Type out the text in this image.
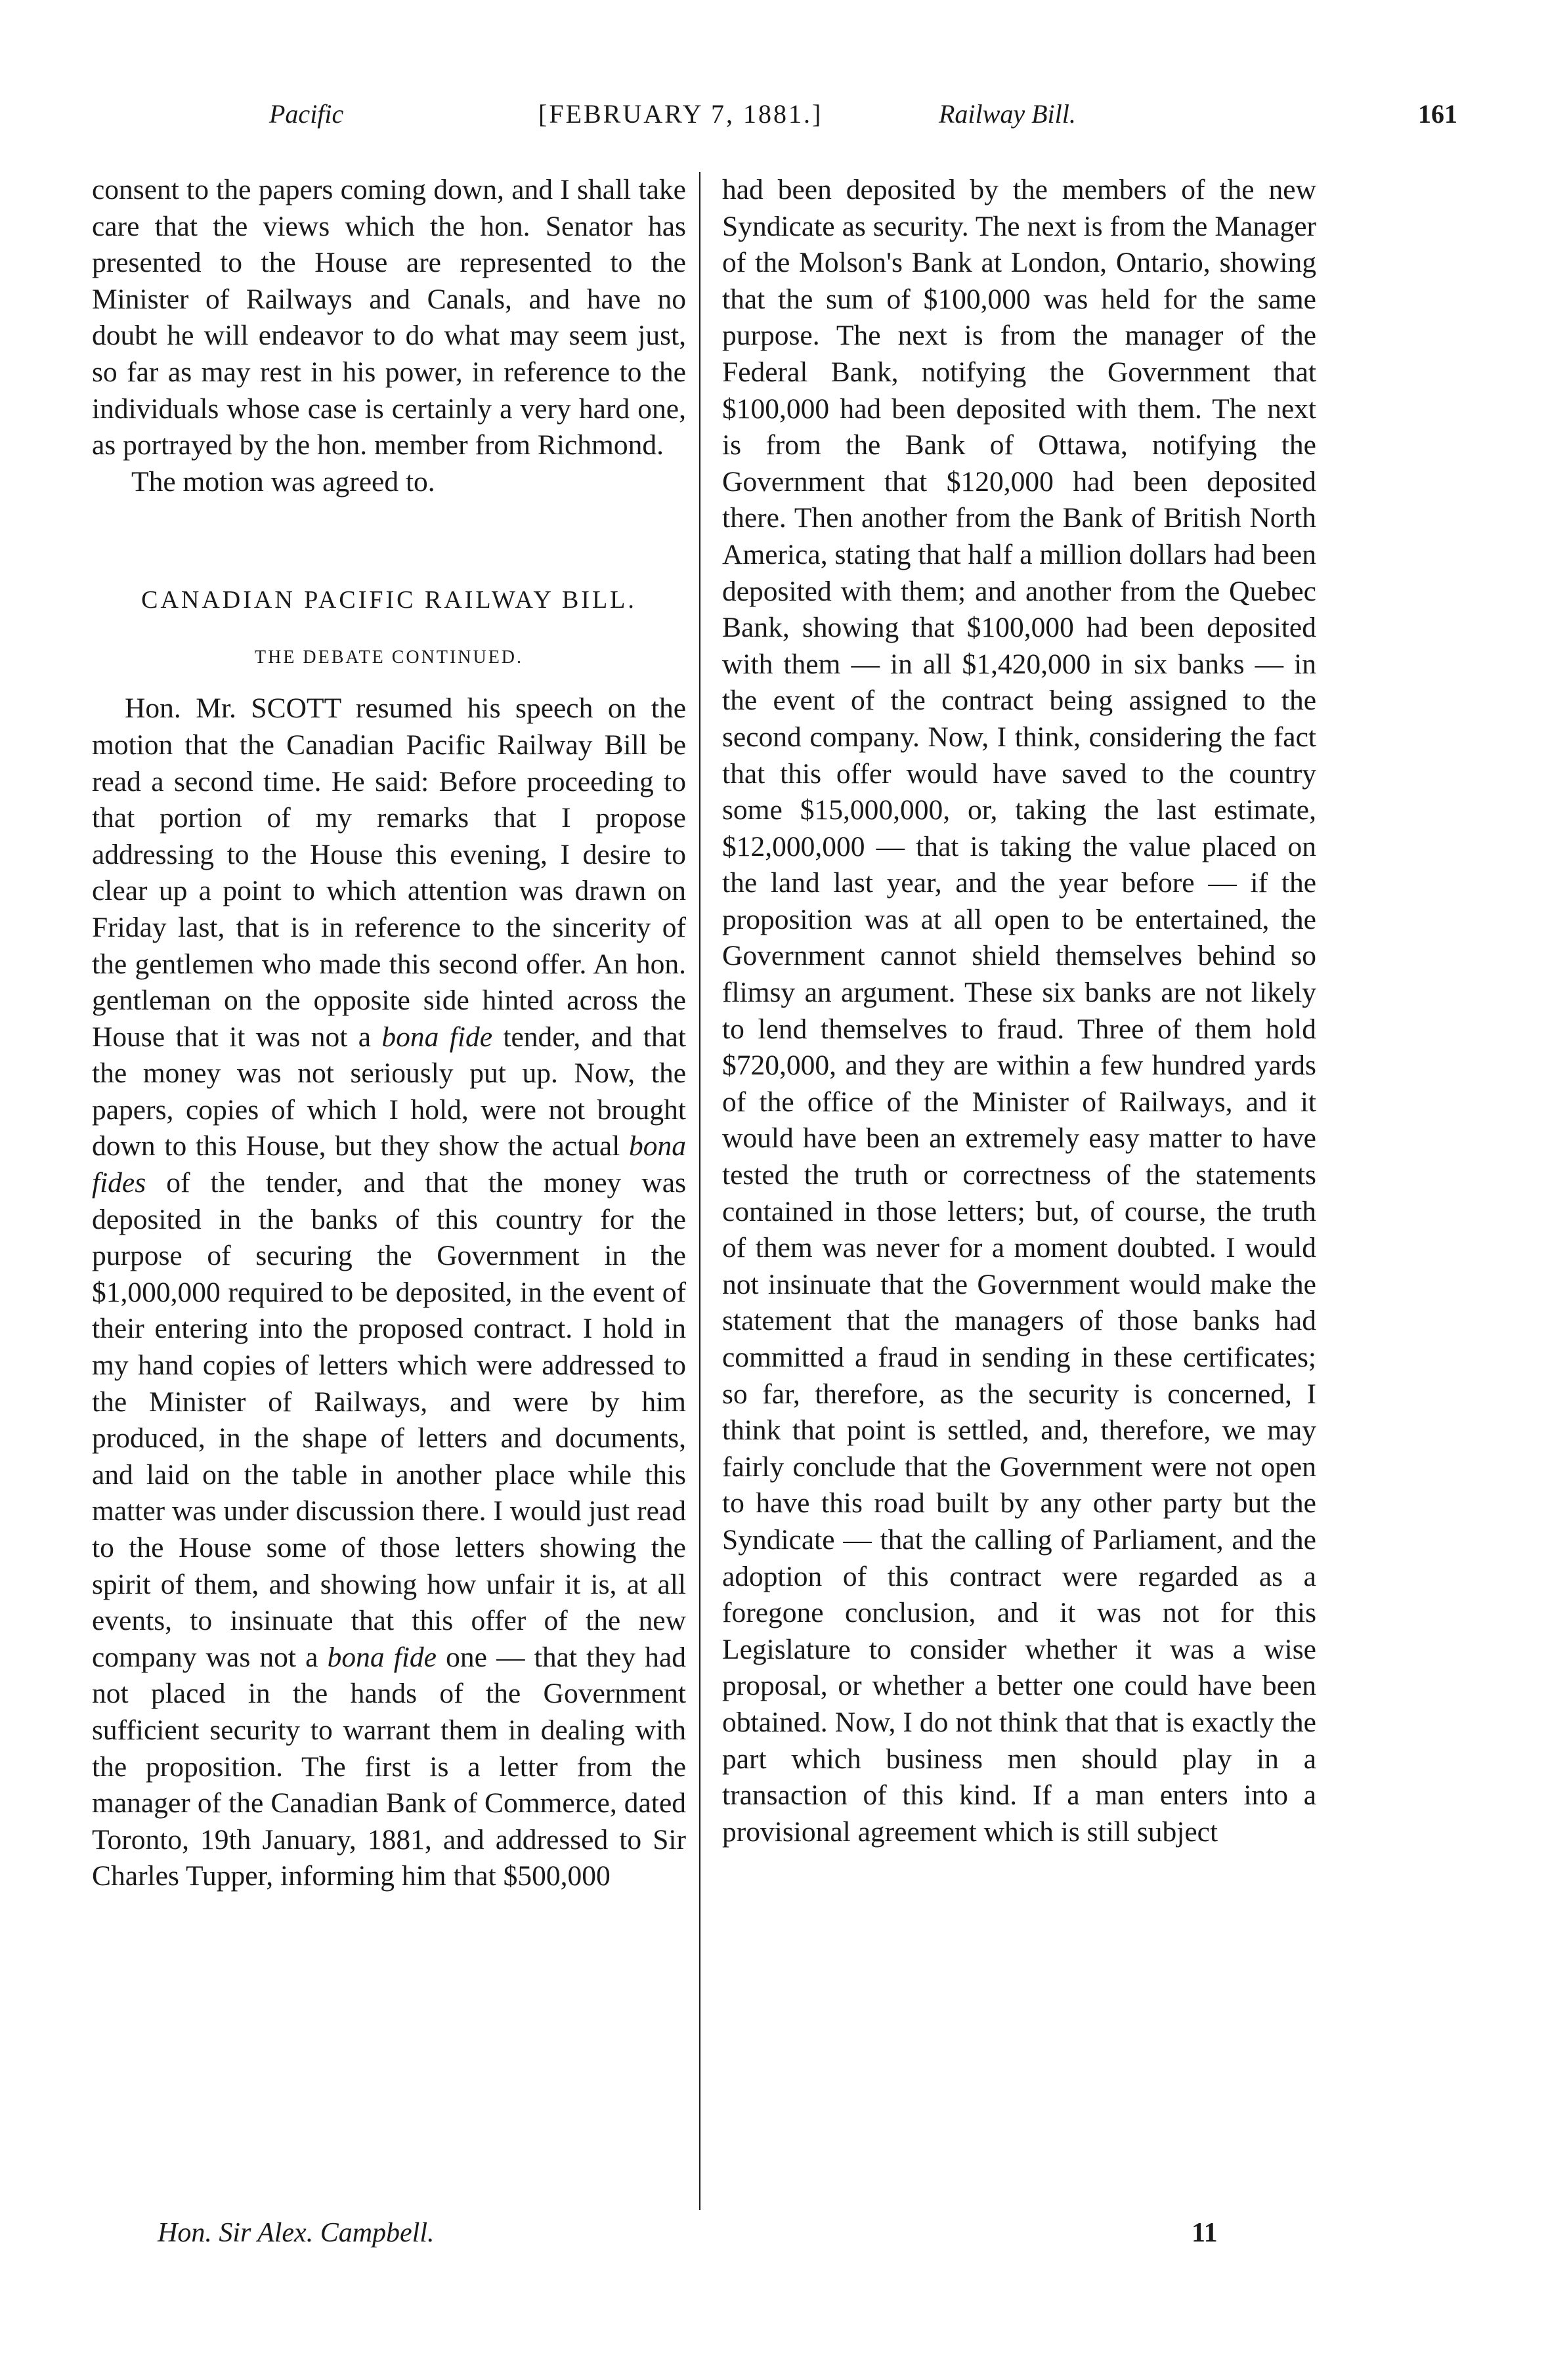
Pacific	[FEBRUARY 7, 1881.]	Railway Bill.	161

consent to the papers coming down, and I shall take care that the views which the hon. Senator has presented to the House are represented to the Minister of Railways and Canals, and have no doubt he will endeavor to do what may seem just, so far as may rest in his power, in reference to the individuals whose case is certainly a very hard one, as portrayed by the hon. member from Richmond.

The motion was agreed to.

CANADIAN PACIFIC RAILWAY BILL.
THE DEBATE CONTINUED.

Hon. Mr. SCOTT resumed his speech on the motion that the Canadian Pacific Railway Bill be read a second time. He said: Before proceeding to that portion of my remarks that I propose addressing to the House this evening, I desire to clear up a point to which attention was drawn on Friday last, that is in reference to the sincerity of the gentlemen who made this second offer. An hon. gentleman on the opposite side hinted across the House that it was not a bona fide tender, and that the money was not seriously put up. Now, the papers, copies of which I hold, were not brought down to this House, but they show the actual bona fides of the tender, and that the money was deposited in the banks of this country for the purpose of securing the Government in the $1,000,000 required to be deposited, in the event of their entering into the proposed contract. I hold in my hand copies of letters which were addressed to the Minister of Railways, and were by him produced, in the shape of letters and documents, and laid on the table in another place while this matter was under discussion there. I would just read to the House some of those letters showing the spirit of them, and showing how unfair it is, at all events, to insinuate that this offer of the new company was not a bona fide one — that they had not placed in the hands of the Government sufficient security to warrant them in dealing with the proposition. The first is a letter from the manager of the Canadian Bank of Commerce, dated Toronto, 19th January, 1881, and addressed to Sir Charles Tupper, informing him that $500,000

had been deposited by the members of the new Syndicate as security. The next is from the Manager of the Molson's Bank at London, Ontario, showing that the sum of $100,000 was held for the same purpose. The next is from the manager of the Federal Bank, notifying the Government that $100,000 had been deposited with them. The next is from the Bank of Ottawa, notifying the Government that $120,000 had been deposited there. Then another from the Bank of British North America, stating that half a million dollars had been deposited with them; and another from the Quebec Bank, showing that $100,000 had been deposited with them — in all $1,420,000 in six banks — in the event of the contract being assigned to the second company. Now, I think, considering the fact that this offer would have saved to the country some $15,000,000, or, taking the last estimate, $12,000,000 — that is taking the value placed on the land last year, and the year before — if the proposition was at all open to be entertained, the Government cannot shield themselves behind so flimsy an argument. These six banks are not likely to lend themselves to fraud. Three of them hold $720,000, and they are within a few hundred yards of the office of the Minister of Railways, and it would have been an extremely easy matter to have tested the truth or correctness of the statements contained in those letters; but, of course, the truth of them was never for a moment doubted. I would not insinuate that the Government would make the statement that the managers of those banks had committed a fraud in sending in these certificates; so far, therefore, as the security is concerned, I think that point is settled, and, therefore, we may fairly conclude that the Government were not open to have this road built by any other party but the Syndicate — that the calling of Parliament, and the adoption of this contract were regarded as a foregone conclusion, and it was not for this Legislature to consider whether it was a wise proposal, or whether a better one could have been obtained. Now, I do not think that that is exactly the part which business men should play in a transaction of this kind. If a man enters into a provisional agreement which is still subject

Hon. Sir Alex. Campbell.	11
